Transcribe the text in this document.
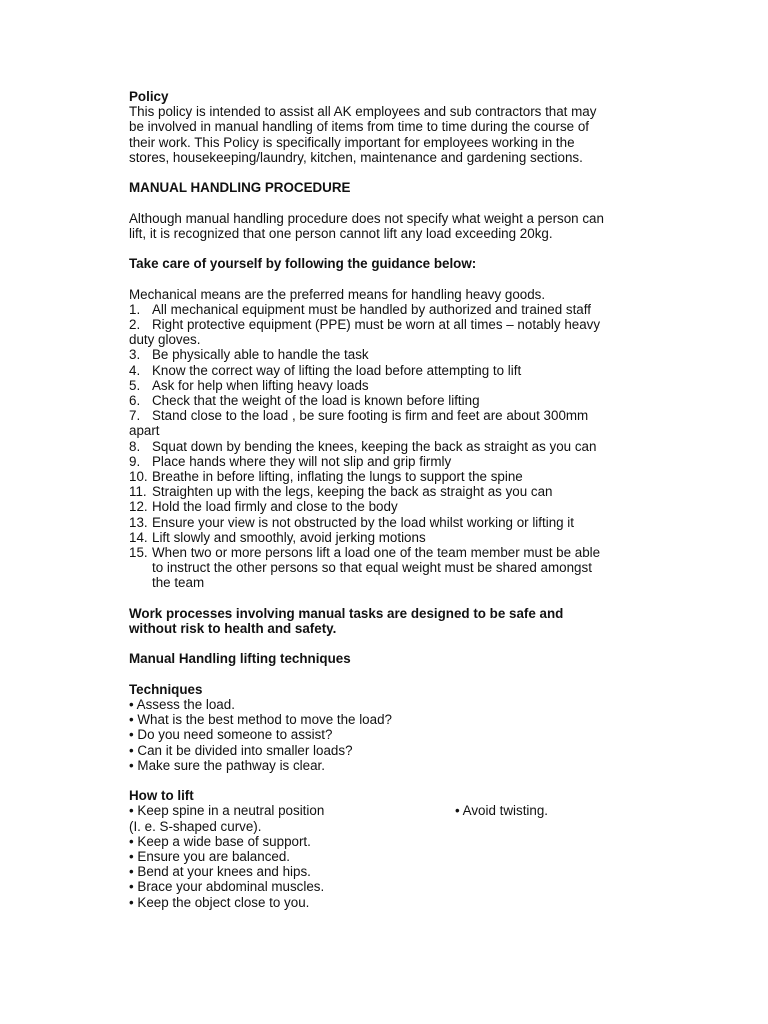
Policy

This policy is intended to assist all AK employees and sub contractors that may

be involved in manual handling of items from time to time during the course of

their work. This Policy is specifically important for employees working in the

stores, housekeeping/laundry, kitchen, maintenance and gardening sections.

MANUAL HANDLING PROCEDURE

Although manual handling procedure does not specify what weight a person can

lift, it is recognized that one person cannot lift any load exceeding 20kg.

Take care of yourself by following the guidance below:

Mechanical means are the preferred means for handling heavy goods.

1. All mechanical equipment must be handled by authorized and trained staff

2. Right protective equipment (PPE) must be worn at all times – notably heavy

duty gloves.

3. Be physically able to handle the task
4. Know the correct way of lifting the load before attempting to lift
5. Ask for help when lifting heavy loads
6. Check that the weight of the load is known before lifting

7. Stand close to the load , be sure footing is firm and feet are about 300mm

apart

8. Squat down by bending the knees, keeping the back as straight as you can
9. Place hands where they will not slip and grip firmly
10. Breathe in before lifting, inflating the lungs to support the spine
11. Straighten up with the legs, keeping the back as straight as you can
12. Hold the load firmly and close to the body
13. Ensure your view is not obstructed by the load whilst working or lifting it
14. Lift slowly and smoothly, avoid jerking motions
15. When two or more persons lift a load one of the team member must be able

to instruct the other persons so that equal weight must be shared amongst

the team

Work processes involving manual tasks are designed to be safe and

without risk to health and safety.

Manual Handling lifting techniques

Techniques

• Assess the load.
• What is the best method to move the load?
• Do you need someone to assist?
• Can it be divided into smaller loads?
• Make sure the pathway is clear.

How to lift

• Keep spine in a neutral position	• Avoid twisting.
(I. e. S-shaped curve).
• Keep a wide base of support.
• Ensure you are balanced.
• Bend at your knees and hips.
• Brace your abdominal muscles.
• Keep the object close to you.
